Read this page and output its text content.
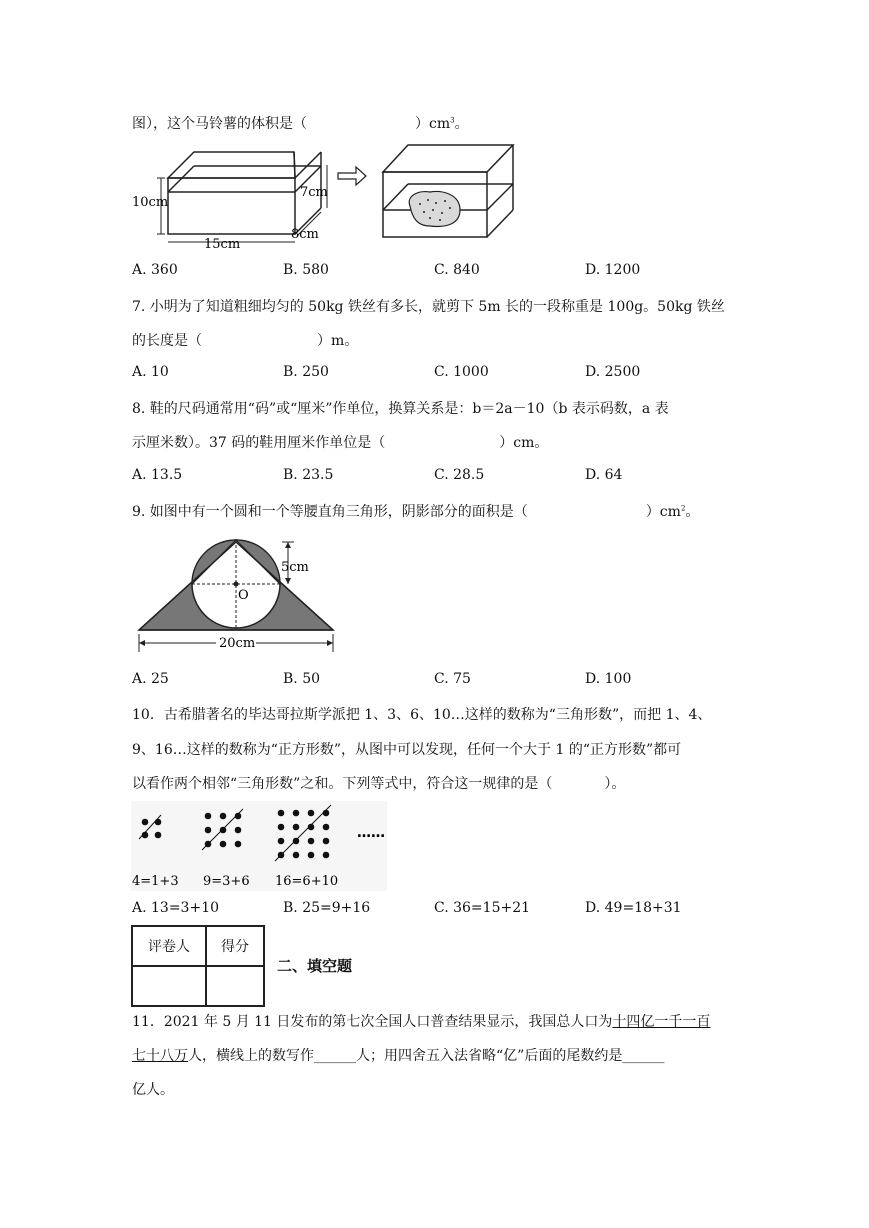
图），这个马铃薯的体积是（	）$cm^3$。
10cm
7cm
8cm
15cm
A. 360	B. 580	C. 840	D. 1200
7. 小明为了知道粗细均匀的 50kg 铁丝有多长，就剪下 5m 长的一段称重是 100g。50kg 铁丝
的长度是（	）m。
A. 10	B. 250	C. 1000	D. 2500
8. 鞋的尺码通常用“码”或“厘米”作单位，换算关系是：b＝2a－10（b 表示码数，a 表
示厘米数）。37 码的鞋用厘米作单位是（	）cm。
A. 13.5	B. 23.5	C. 28.5	D. 64
9. 如图中有一个圆和一个等腰直角三角形，阴影部分的面积是（	）$cm^2$。
5cm
O
20cm
A. 25	B. 50	C. 75	D. 100
10．古希腊著名的毕达哥拉斯学派把 1、3、6、10…这样的数称为“三角形数”，而把 1、4、
9、16…这样的数称为“正方形数”，从图中可以发现，任何一个大于 1 的“正方形数”都可
以看作两个相邻“三角形数”之和。下列等式中，符合这一规律的是（	）。
……
4=1+3 9=3+6 16=6+10
A. 13=3+10	B. 25=9+16	C. 36=15+21	D. 49=18+31
评卷人	得分

二、填空题
11．2021 年 5 月 11 日发布的第七次全国人口普查结果显示，我国总人口为十四亿一千一百
七十八万人，横线上的数写作______人；用四舍五入法省略“亿”后面的尾数约是______
亿人。
